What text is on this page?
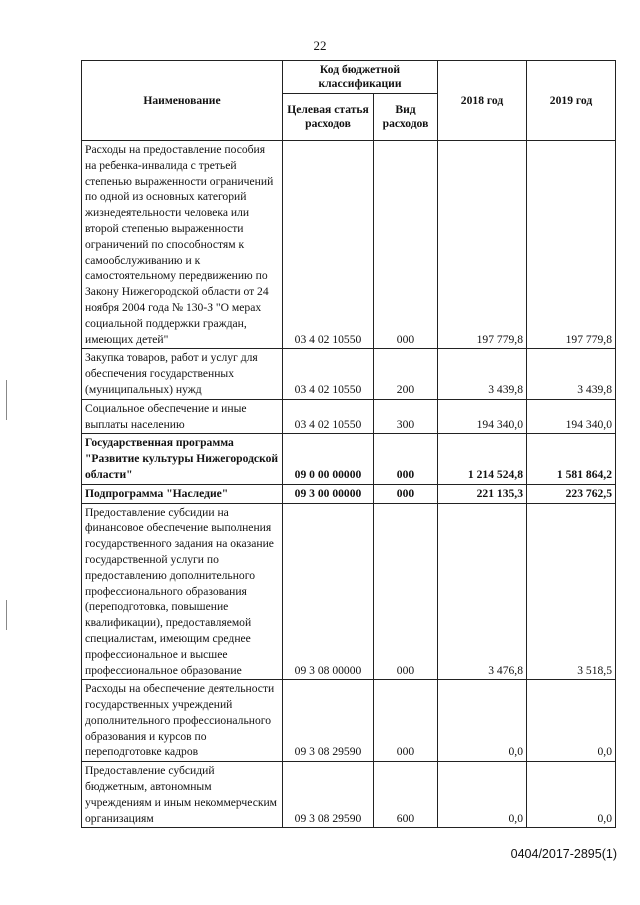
22
Наименование	Код бюджетной классификации		2018 год	2019 год
	Целевая статья расходов	Вид расходов		
Расходы на предоставление пособия на ребенка-инвалида с третьей степенью выраженности ограничений по одной из основных категорий жизнедеятельности человека или второй степенью выраженности ограничений по способностям к самообслуживанию и к самостоятельному передвижению по Закону Нижегородской области от 24 ноября 2004 года № 130-З "О мерах социальной поддержки граждан, имеющих детей"	03 4 02 10550	000	197 779,8	197 779,8
Закупка товаров, работ и услуг для обеспечения государственных (муниципальных) нужд	03 4 02 10550	200	3 439,8	3 439,8
Социальное обеспечение и иные выплаты населению	03 4 02 10550	300	194 340,0	194 340,0
Государственная программа "Развитие культуры Нижегородской области"	09 0 00 00000	000	1 214 524,8	1 581 864,2
Подпрограмма "Наследие"	09 3 00 00000	000	221 135,3	223 762,5
Предоставление субсидии на финансовое обеспечение выполнения государственного задания на оказание государственной услуги по предоставлению дополнительного профессионального образования (переподготовка, повышение квалификации), предоставляемой специалистам, имеющим среднее профессиональное и высшее профессиональное образование	09 3 08 00000	000	3 476,8	3 518,5
Расходы на обеспечение деятельности государственных учреждений дополнительного профессионального образования и курсов по переподготовке кадров	09 3 08 29590	000	0,0	0,0
Предоставление субсидий бюджетным, автономным учреждениям и иным некоммерческим организациям	09 3 08 29590	600	0,0	0,0
0404/2017-2895(1)
